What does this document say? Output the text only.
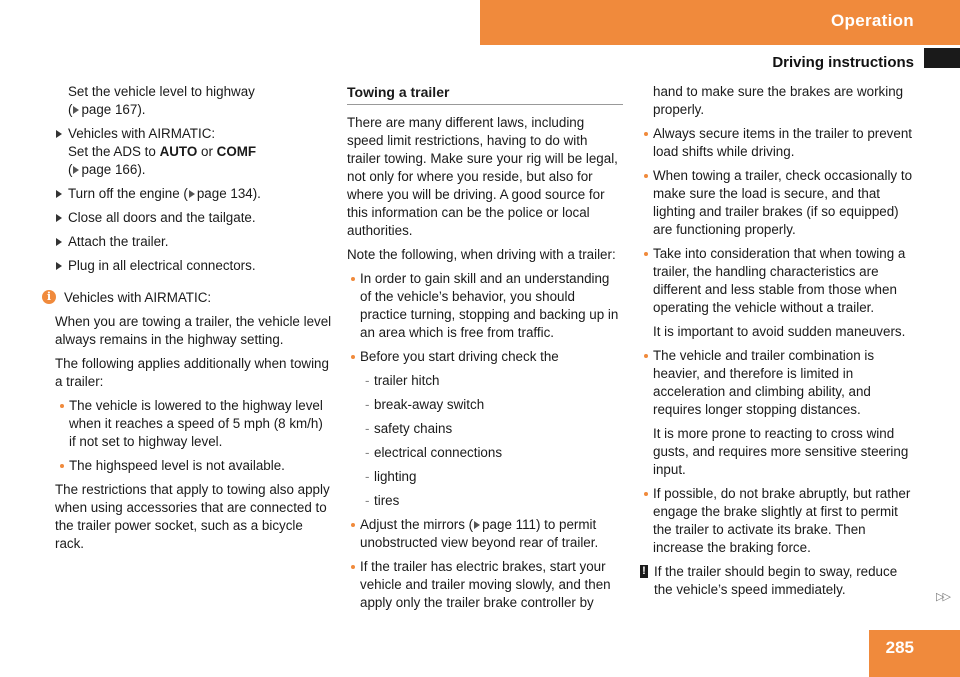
Operation
Driving instructions

Set the vehicle level to highway
( page 167).

Vehicles with AIRMATIC:
Set the ADS to AUTO or COMF
( page 166).
Turn off the engine ( page 134).
Close all doors and the tailgate.
Attach the trailer.
Plug in all electrical connectors.
i Vehicles with AIRMATIC:

When you are towing a trailer, the vehicle level always remains in the highway setting.

The following applies additionally when towing a trailer:

The vehicle is lowered to the highway level when it reaches a speed of 5 mph (8 km/h) if not set to highway level.
The highspeed level is not available.

The restrictions that apply to towing also apply when using accessories that are connected to the trailer power socket, such as a bicycle rack.

Towing a trailer

There are many different laws, including speed limit restrictions, having to do with trailer towing. Make sure your rig will be legal, not only for where you reside, but also for where you will be driving. A good source for this information can be the police or local authorities.

Note the following, when driving with a trailer:

In order to gain skill and an understanding of the vehicle’s behavior, you should practice turning, stopping and backing up in an area which is free from traffic.
Before you start driving check the
- trailer hitch
- break-away switch
- safety chains
- electrical connections
- lighting
- tires
Adjust the mirrors ( page 111) to permit unobstructed view beyond rear of trailer.
If the trailer has electric brakes, start your vehicle and trailer moving slowly, and then apply only the trailer brake controller by

hand to make sure the brakes are working properly.

Always secure items in the trailer to prevent load shifts while driving.
When towing a trailer, check occasionally to make sure the load is secure, and that lighting and trailer brakes (if so equipped) are functioning properly.
Take into consideration that when towing a trailer, the handling characteristics are different and less stable from those when operating the vehicle without a trailer.

It is important to avoid sudden maneuvers.

The vehicle and trailer combination is heavier, and therefore is limited in acceleration and climbing ability, and requires longer stopping distances.

It is more prone to reacting to cross wind gusts, and requires more sensitive steering input.

If possible, do not brake abruptly, but rather engage the brake slightly at first to permit the trailer to activate its brake. Then increase the braking force.
! If the trailer should begin to sway, reduce the vehicle’s speed immediately.	▷▷
285
carmanualsonline.info
